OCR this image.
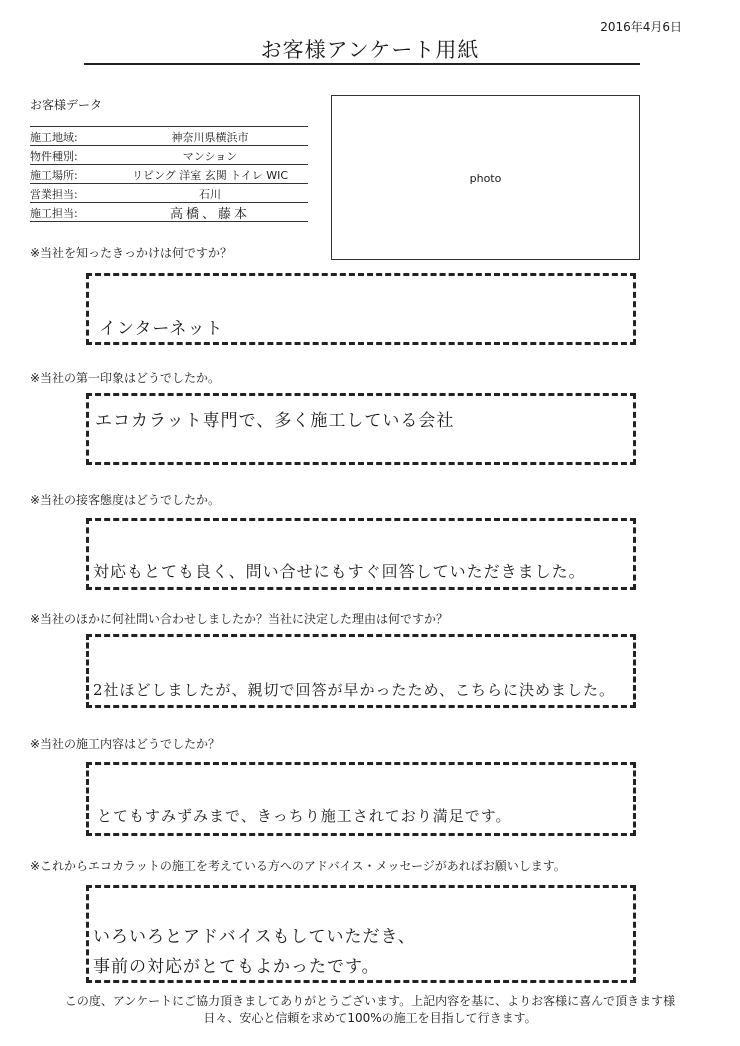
2016年4月6日
お客様アンケート用紙
お客様データ
施工地域:	神奈川県横浜市
物件種別:	マンション
施工場所:	リビング 洋室 玄関 トイレ WIC
営業担当:	石川
施工担当:	高橋、藤本
photo
※当社を知ったきっかけは何ですか？
インターネット
※当社の第一印象はどうでしたか。
エコカラット専門で、多く施工している会社
※当社の接客態度はどうでしたか。
対応もとても良く、問い合せにもすぐ回答していただきました。
※当社のほかに何社問い合わせしましたか？当社に決定した理由は何ですか？
2社ほどしましたが、親切で回答が早かったため、こちらに決めました。
※当社の施工内容はどうでしたか？
とてもすみずみまで、きっちり施工されており満足です。
※これからエコカラットの施工を考えている方へのアドバイス・メッセージがあればお願いします。
いろいろとアドバイスもしていただき、
事前の対応がとてもよかったです。
この度、アンケートにご協力頂きましてありがとうございます。上記内容を基に、よりお客様に喜んで頂きます様
日々、安心と信頼を求めて100%の施工を目指して行きます。
